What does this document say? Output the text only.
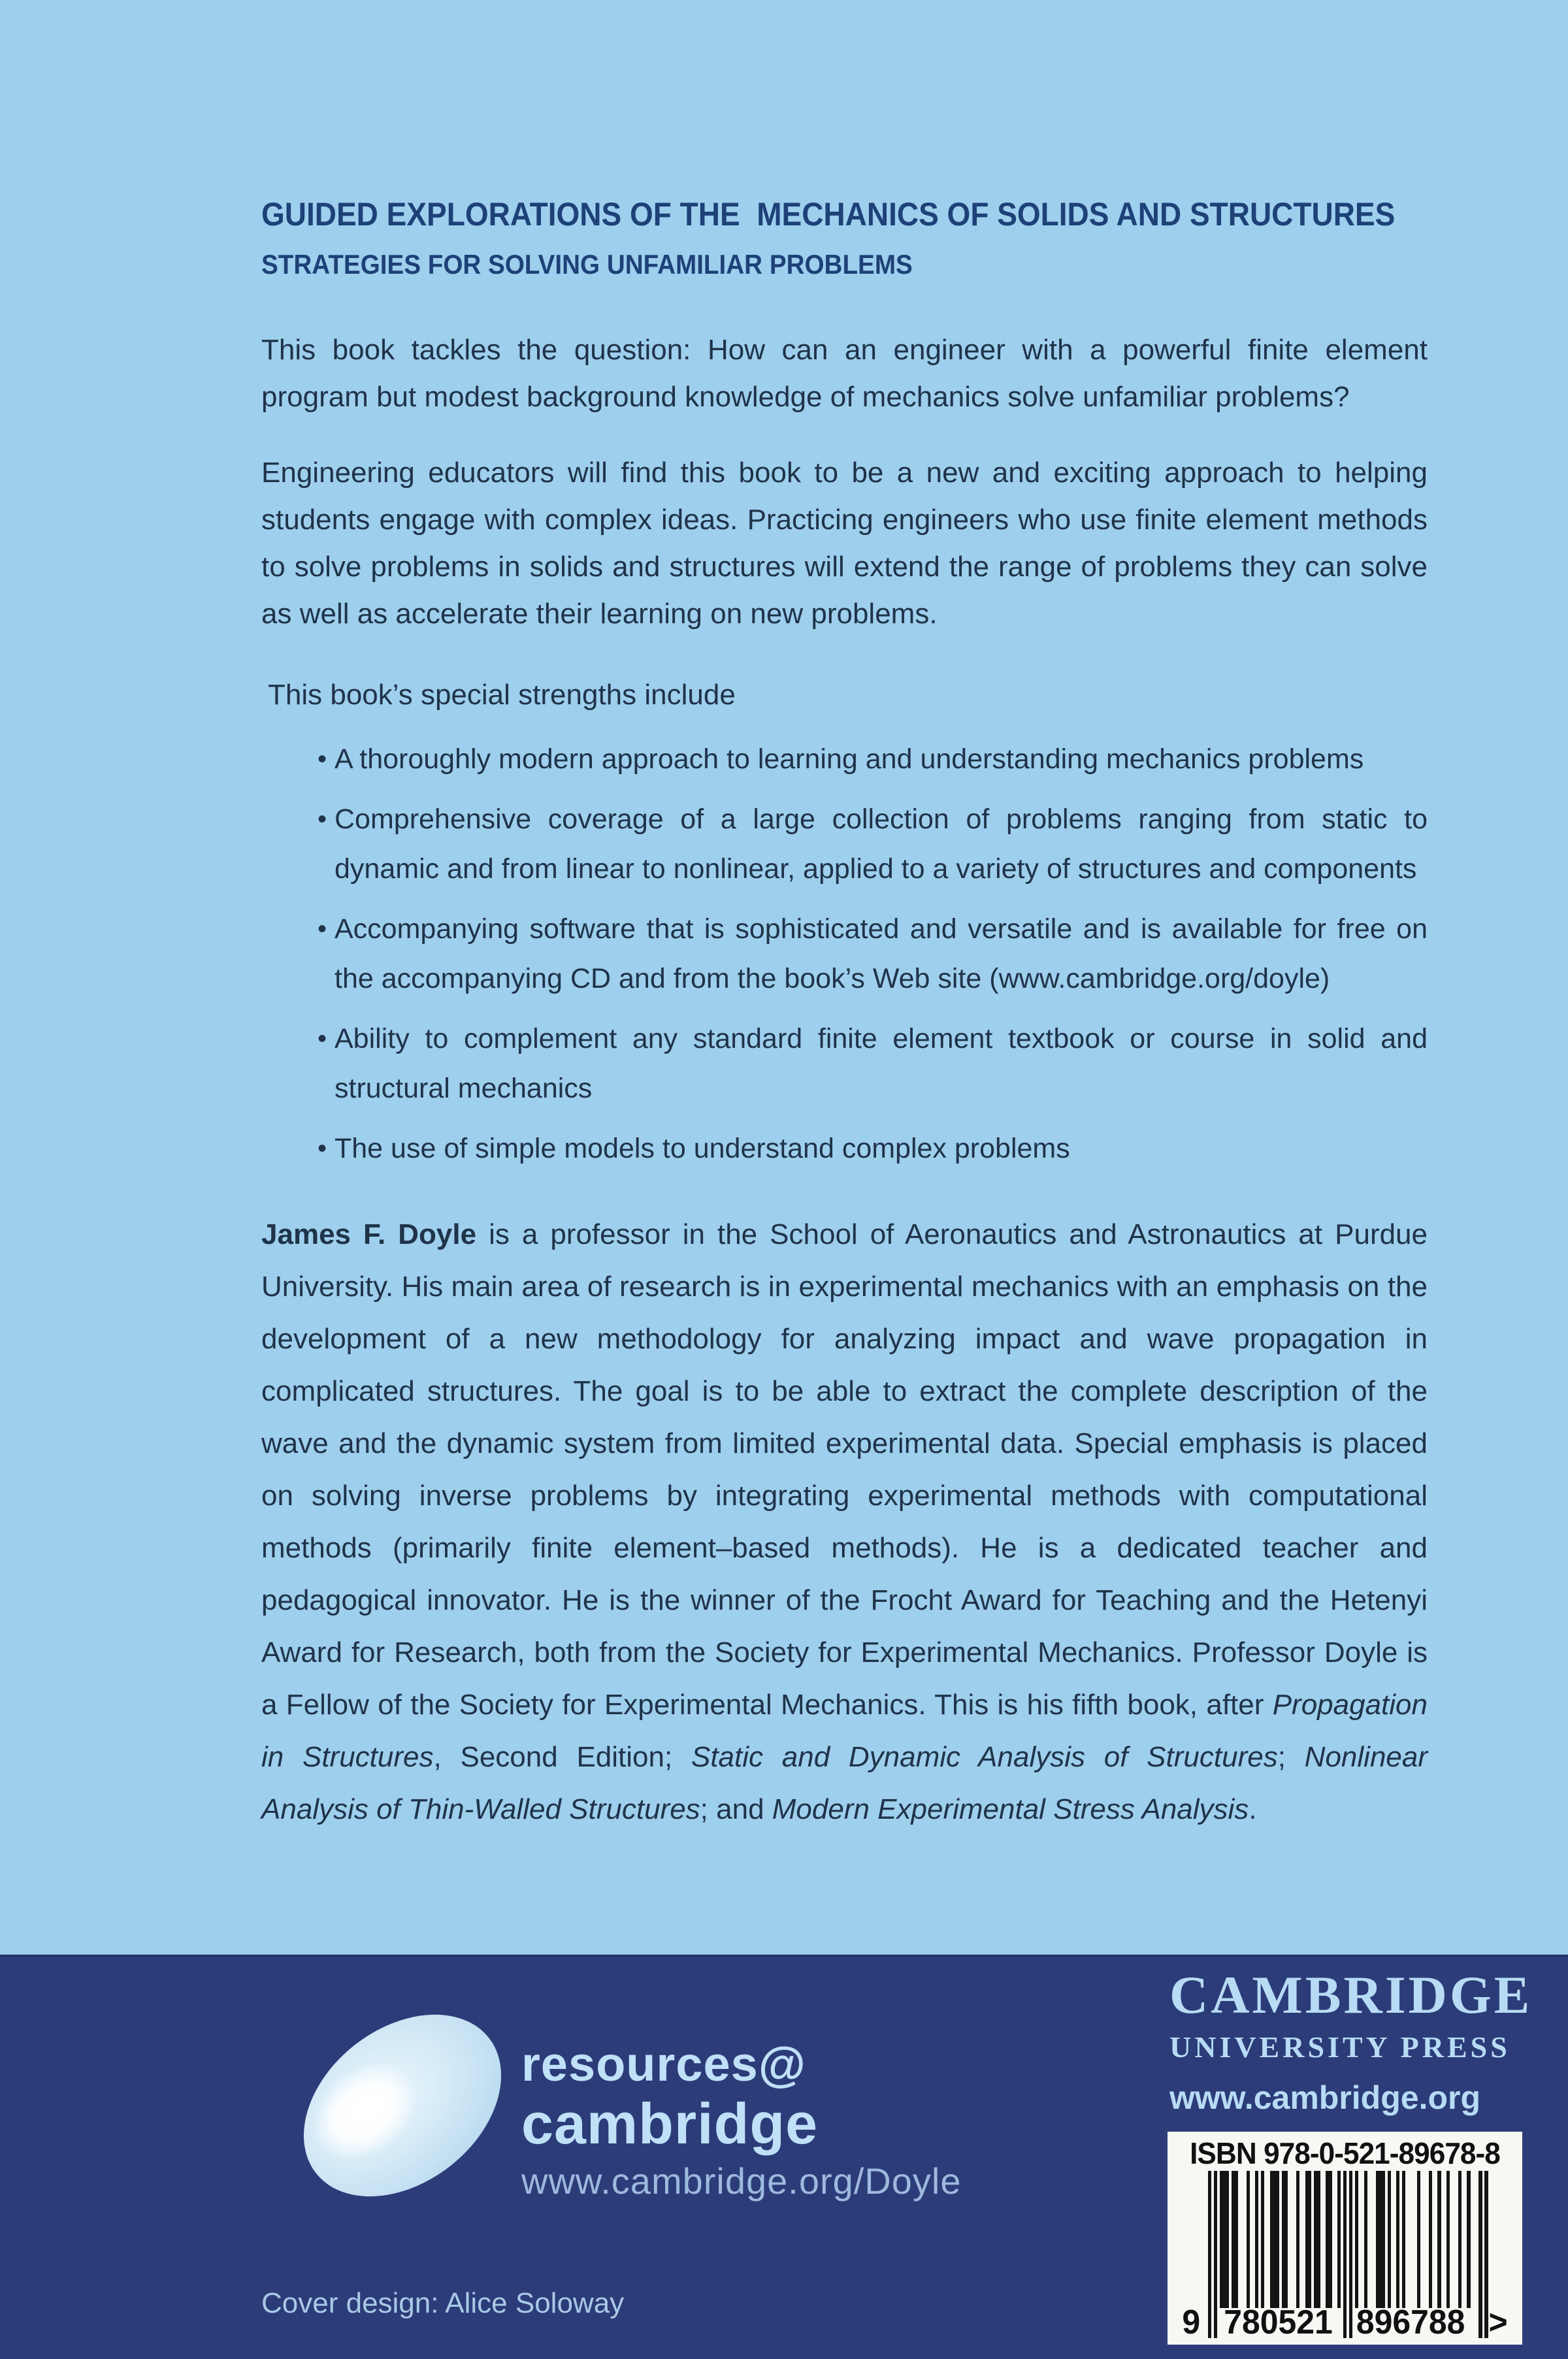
GUIDED EXPLORATIONS OF THE  MECHANICS OF SOLIDS AND STRUCTURES
STRATEGIES FOR SOLVING UNFAMILIAR PROBLEMS

This book tackles the question: How can an engineer with a powerful finite element program but modest background knowledge of mechanics solve unfamiliar problems?

Engineering educators will find this book to be a new and exciting approach to helping students engage with complex ideas. Practicing engineers who use finite element methods to solve problems in solids and structures will extend the range of problems they can solve as well as accelerate their learning on new problems.

This book’s special strengths include

• A thoroughly modern approach to learning and understanding mechanics problems
• Comprehensive coverage of a large collection of problems ranging from static to dynamic and from linear to nonlinear, applied to a variety of structures and components
• Accompanying software that is sophisticated and versatile and is available for free on the accompanying CD and from the book’s Web site (www.cambridge.org/doyle)
• Ability to complement any standard finite element textbook or course in solid and structural mechanics
• The use of simple models to understand complex problems

James F. Doyle is a professor in the School of Aeronautics and Astronautics at Purdue University. His main area of research is in experimental mechanics with an emphasis on the development of a new methodology for analyzing impact and wave propagation in complicated structures. The goal is to be able to extract the complete description of the wave and the dynamic system from limited experimental data. Special emphasis is placed on solving inverse problems by integrating experimental methods with computational methods (primarily finite element–based methods). He is a dedicated teacher and pedagogical innovator. He is the winner of the Frocht Award for Teaching and the Hetenyi Award for Research, both from the Society for Experimental Mechanics. Professor Doyle is a Fellow of the Society for Experimental Mechanics. This is his fifth book, after Propagation in Structures, Second Edition; Static and Dynamic Analysis of Structures; Nonlinear Analysis of Thin-Walled Structures; and Modern Experimental Stress Analysis.

resources@
cambridge
www.cambridge.org/Doyle
CAMBRIDGE
UNIVERSITY PRESS
www.cambridge.org
ISBN 978-0-521-89678-8
9 780521 896788 >
Cover design: Alice Soloway
